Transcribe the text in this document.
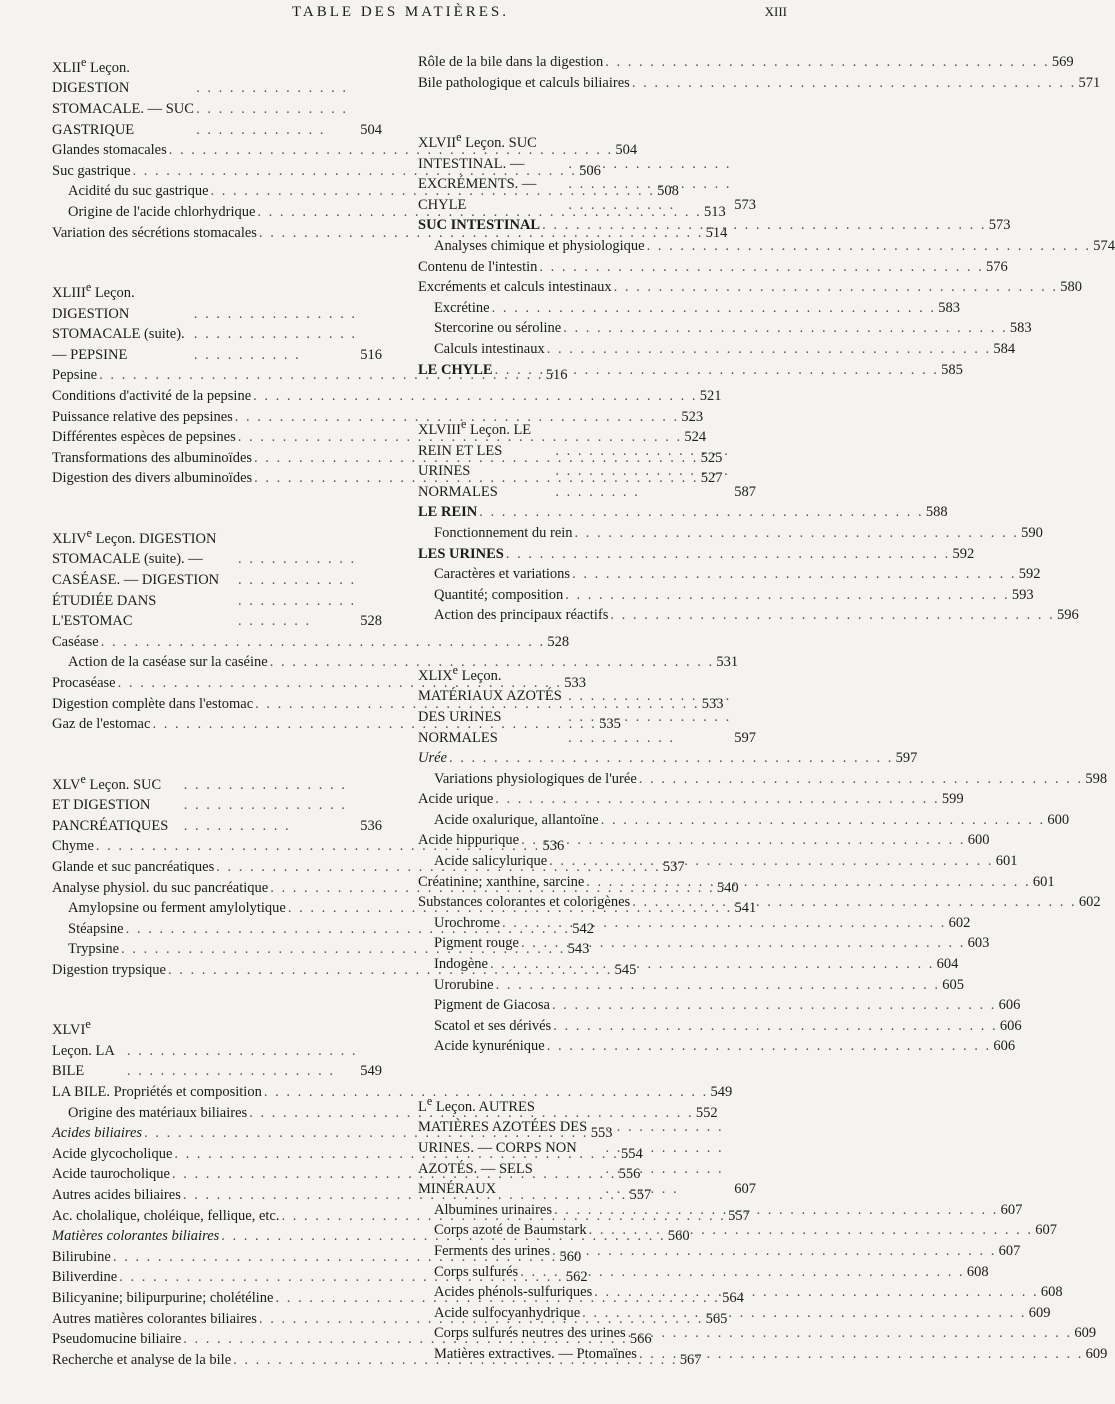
TABLE DES MATIÈRES.	XIII
XLIIe Leçon. DIGESTION STOMACALE. — SUC GASTRIQUE . . .	504
Glandes stomacales . . .	504
Suc gastrique . . .	506
Acidité du suc gastrique . . .	508
Origine de l'acide chlorhydrique . . .	513
Variation des sécrétions stomacales . . .	514
XLIIIe Leçon. DIGESTION STOMACALE (suite). — PEPSINE . . .	516
Pepsine . . .	516
Conditions d'activité de la pepsine . . .	521
Puissance relative des pepsines . . .	523
Différentes espèces de pepsines . . .	524
Transformations des albuminoïdes . . .	525
Digestion des divers albuminoïdes . . .	527
XLIVe Leçon. DIGESTION STOMACALE (suite). — CASÉASE. — DIGESTION ÉTUDIÉE DANS L'ESTOMAC . . .	528
Caséase . . .	528
Action de la caséase sur la caséine . . .	531
Procaséase . . .	533
Digestion complète dans l'estomac . . .	533
Gaz de l'estomac . . .	535
XLVe Leçon. SUC ET DIGESTION PANCRÉATIQUES . . .	536
Chyme . . .	536
Glande et suc pancréatiques . . .	537
Analyse physiol. du suc pancréatique . . .	540
Amylopsine ou ferment amylolytique . . .	541
Stéapsine . . .	542
Trypsine . . .	543
Digestion trypsique . . .	545
XLVIe Leçon. LA BILE . . .	549
LA BILE. Propriétés et composition . . .	549
Origine des matériaux biliaires . . .	552
Acides biliaires . . .	553
Acide glycocholique . . .	554
Acide taurocholique . . .	556
Autres acides biliaires . . .	557
Ac. cholalique, choléique, fellique, etc. . . .	557
Matières colorantes biliaires . . .	560
Bilirubine . . .	560
Biliverdine . . .	562
Bilicyanine; bilipurpurine; cholétéline . . .	564
Autres matières colorantes biliaires . . .	565
Pseudomucine biliaire . . .	566
Recherche et analyse de la bile . . .	567
Rôle de la bile dans la digestion . . .	569
Bile pathologique et calculs biliaires . . .	571
XLVIIe Leçon. SUC INTESTINAL. — EXCRÉMENTS. — CHYLE . . .	573
SUC INTESTINAL . . .	573
Analyses chimique et physiologique . . .	574
Contenu de l'intestin . . .	576
Excréments et calculs intestinaux . . .	580
Excrétine . . .	583
Stercorine ou séroline . . .	583
Calculs intestinaux . . .	584
LE CHYLE . . .	585
XLVIIIe Leçon. LE REIN ET LES URINES NORMALES . . .	587
LE REIN . . .	588
Fonctionnement du rein . . .	590
LES URINES . . .	592
Caractères et variations . . .	592
Quantité; composition . . .	593
Action des principaux réactifs . . .	596
XLIXe Leçon. MATÉRIAUX AZOTÉS DES URINES NORMALES . . .	597
Urée . . .	597
Variations physiologiques de l'urée . . .	598
Acide urique . . .	599
Acide oxalurique, allantoïne . . .	600
Acide hippurique . . .	600
Acide salicylurique . . .	601
Créatinine; xanthine, sarcine . . .	601
Substances colorantes et colorigènes . . .	602
Urochrome . . .	602
Pigment rouge . . .	603
Indogène . . .	604
Urorubine . . .	605
Pigment de Giacosa . . .	606
Scatol et ses dérivés . . .	606
Acide kynurénique . . .	606
Le Leçon. AUTRES MATIÈRES AZOTÉES DES URINES. — CORPS NON AZOTÉS. — SELS MINÉRAUX . . .	607
Albumines urinaires . . .	607
Corps azoté de Baumstark . . .	607
Ferments des urines . . .	607
Corps sulfurés . . .	608
Acides phénols-sulfuriques . . .	608
Acide sulfocyanhydrique . . .	609
Corps sulfurés neutres des urines . . .	609
Matières extractives. — Ptomaïnes . . .	609
